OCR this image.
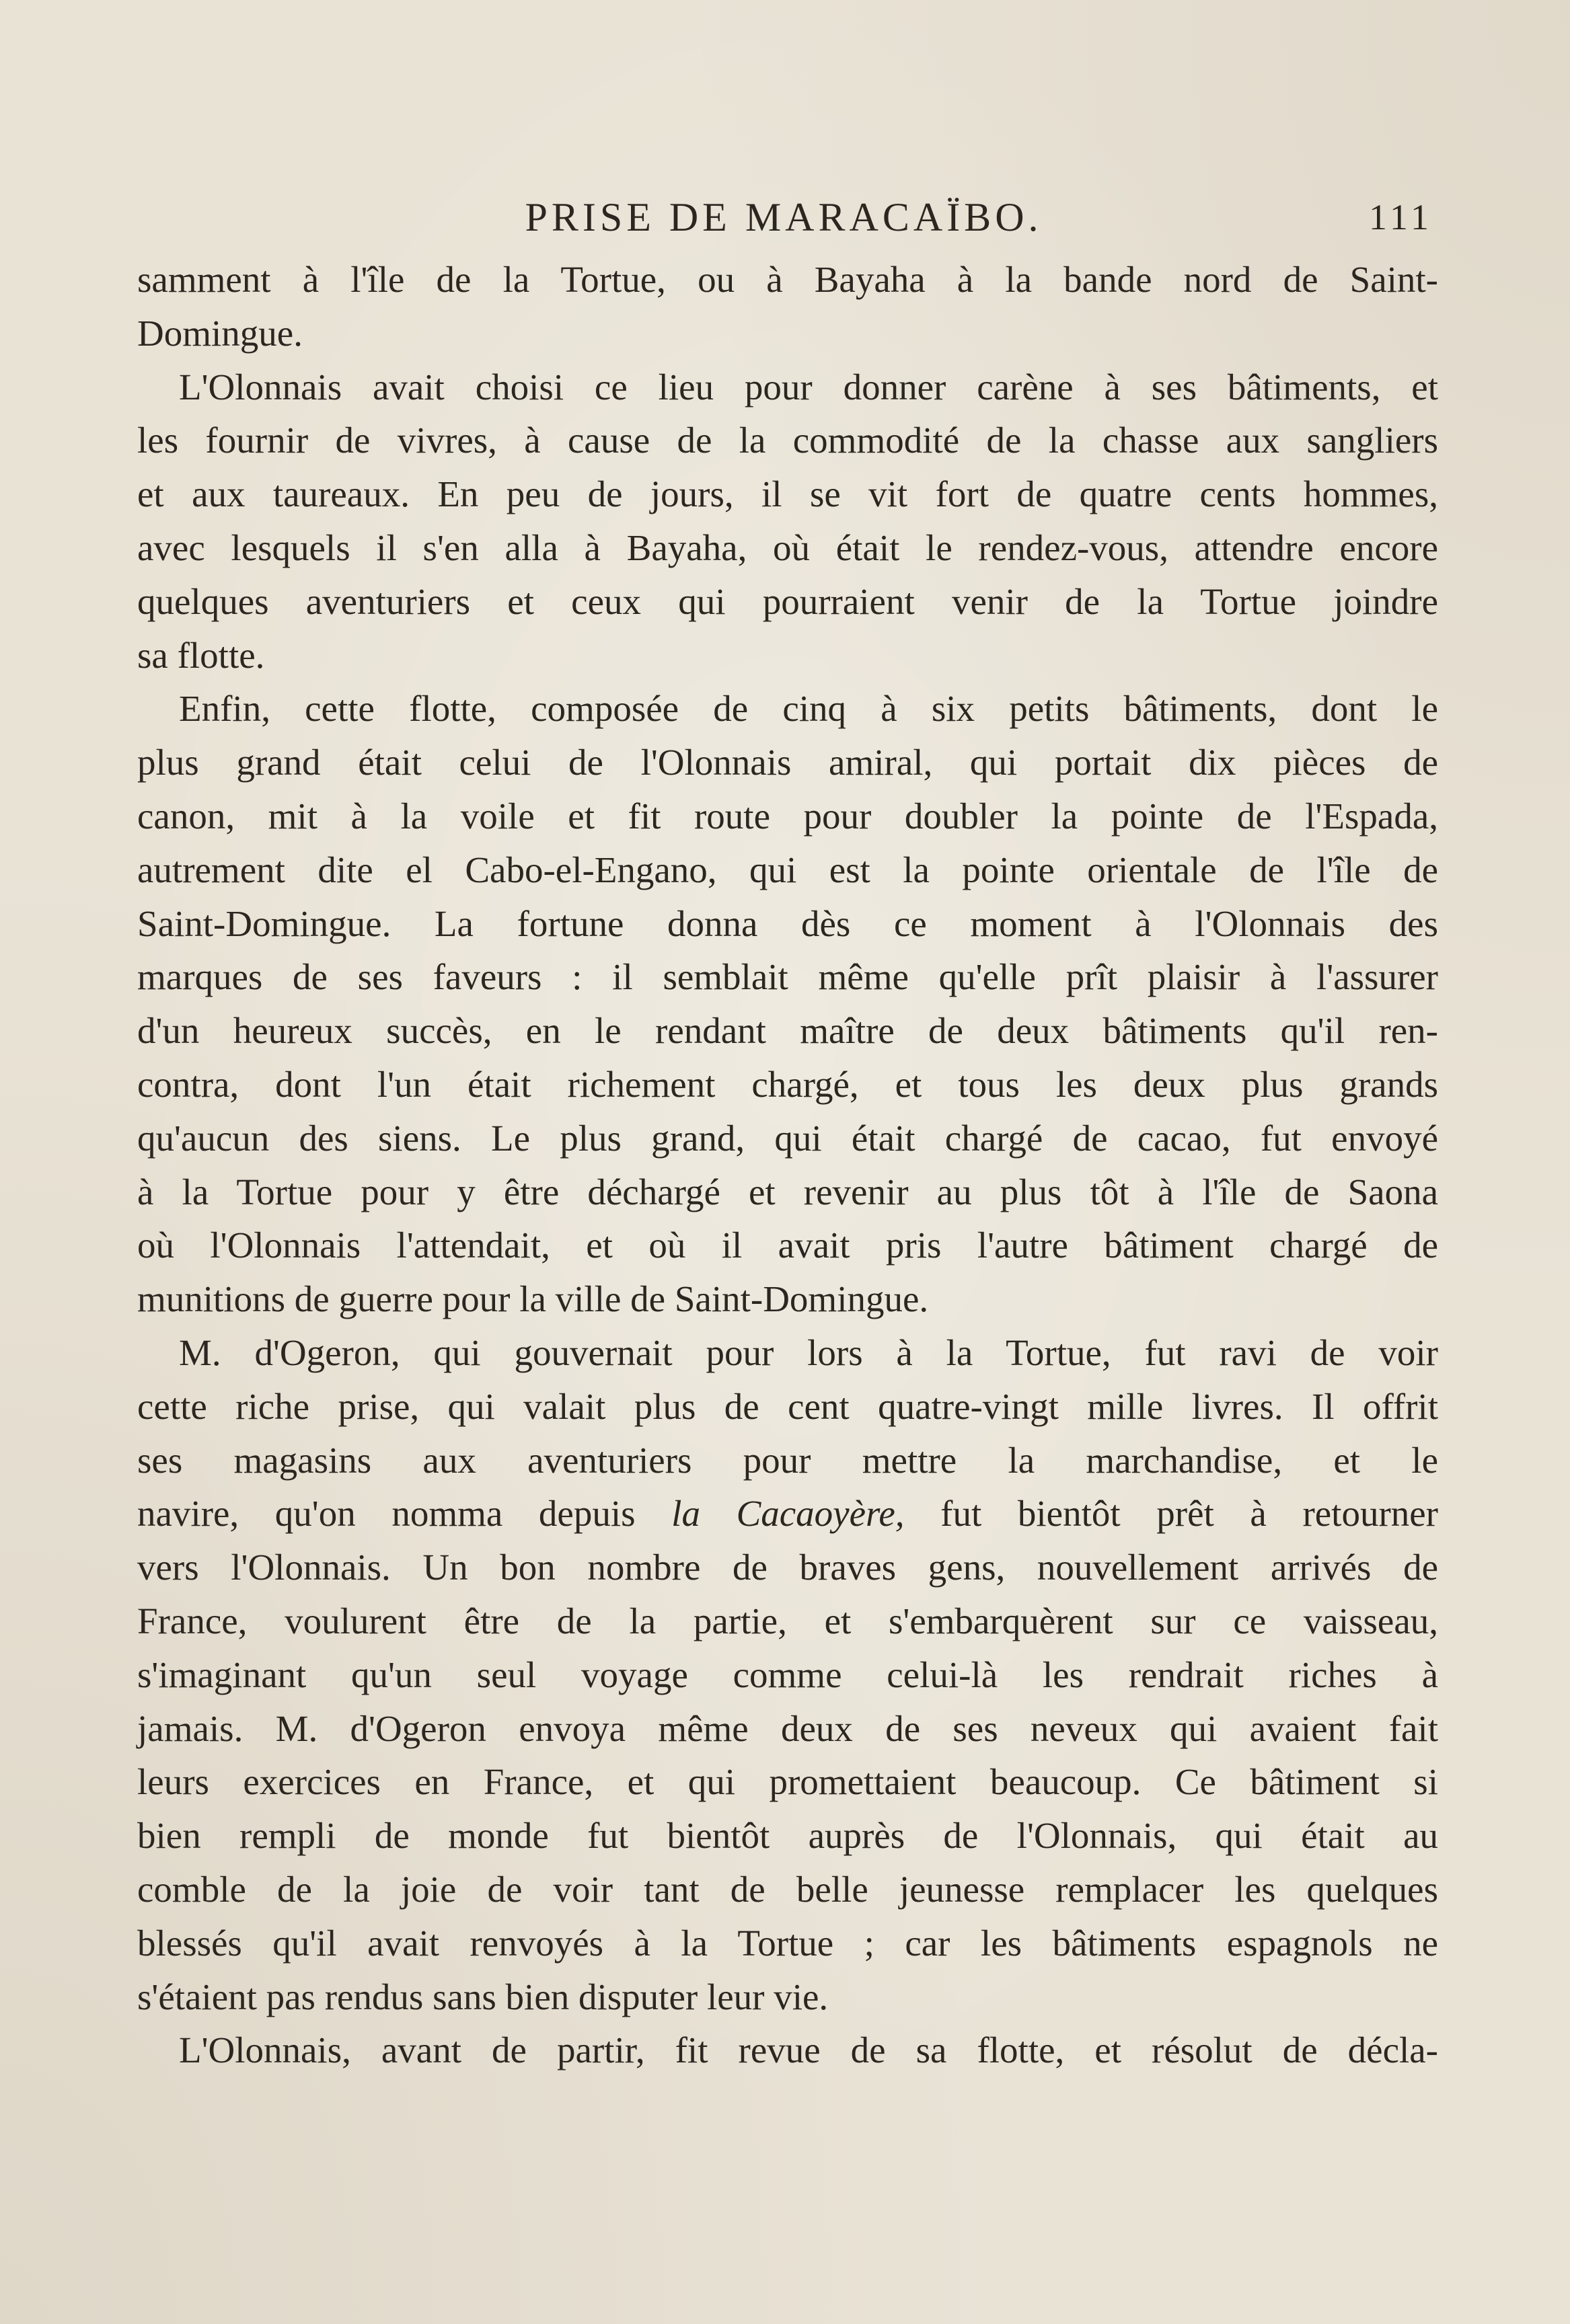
PRISE DE MARACAÏBO.	111
samment à l'île de la Tortue, ou à Bayaha à la bande nord de Saint-
Domingue.
L'Olonnais avait choisi ce lieu pour donner carène à ses bâtiments, et
les fournir de vivres, à cause de la commodité de la chasse aux sangliers
et aux taureaux. En peu de jours, il se vit fort de quatre cents hommes,
avec lesquels il s'en alla à Bayaha, où était le rendez-vous, attendre encore
quelques aventuriers et ceux qui pourraient venir de la Tortue joindre
sa flotte.
Enfin, cette flotte, composée de cinq à six petits bâtiments, dont le
plus grand était celui de l'Olonnais amiral, qui portait dix pièces de
canon, mit à la voile et fit route pour doubler la pointe de l'Espada,
autrement dite el Cabo-el-Engano, qui est la pointe orientale de l'île de
Saint-Domingue. La fortune donna dès ce moment à l'Olonnais des
marques de ses faveurs : il semblait même qu'elle prît plaisir à l'assurer
d'un heureux succès, en le rendant maître de deux bâtiments qu'il ren-
contra, dont l'un était richement chargé, et tous les deux plus grands
qu'aucun des siens. Le plus grand, qui était chargé de cacao, fut envoyé
à la Tortue pour y être déchargé et revenir au plus tôt à l'île de Saona
où l'Olonnais l'attendait, et où il avait pris l'autre bâtiment chargé de
munitions de guerre pour la ville de Saint-Domingue.
M. d'Ogeron, qui gouvernait pour lors à la Tortue, fut ravi de voir
cette riche prise, qui valait plus de cent quatre-vingt mille livres. Il offrit
ses magasins aux aventuriers pour mettre la marchandise, et le
navire, qu'on nomma depuis la Cacaoyère, fut bientôt prêt à retourner
vers l'Olonnais. Un bon nombre de braves gens, nouvellement arrivés de
France, voulurent être de la partie, et s'embarquèrent sur ce vaisseau,
s'imaginant qu'un seul voyage comme celui-là les rendrait riches à
jamais. M. d'Ogeron envoya même deux de ses neveux qui avaient fait
leurs exercices en France, et qui promettaient beaucoup. Ce bâtiment si
bien rempli de monde fut bientôt auprès de l'Olonnais, qui était au
comble de la joie de voir tant de belle jeunesse remplacer les quelques
blessés qu'il avait renvoyés à la Tortue ; car les bâtiments espagnols ne
s'étaient pas rendus sans bien disputer leur vie.
L'Olonnais, avant de partir, fit revue de sa flotte, et résolut de décla-
